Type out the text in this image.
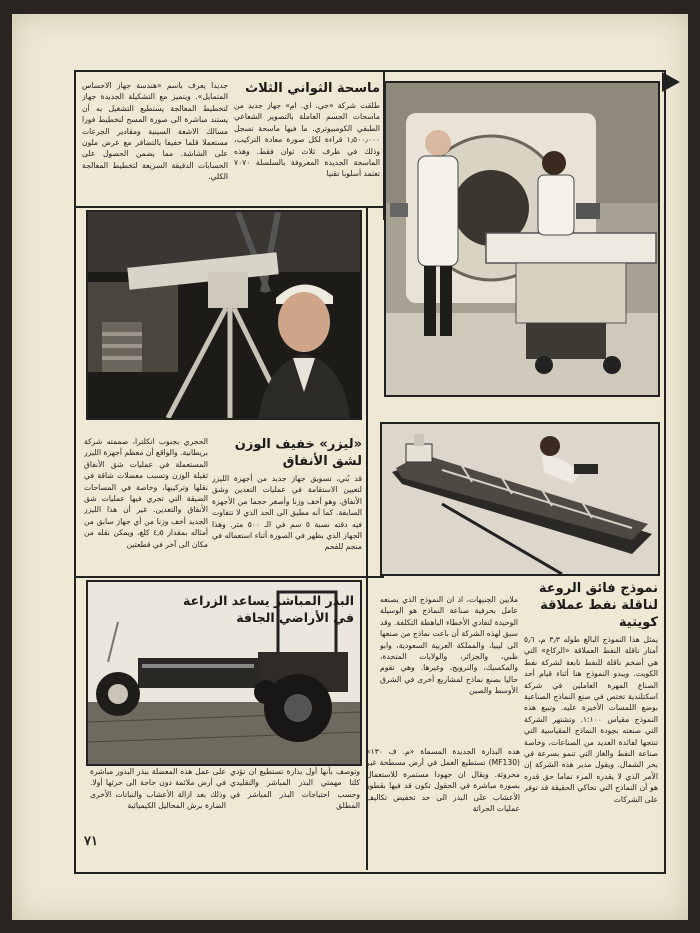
ماسحة الثواني الثلاث
طلقت شركة «جي. اي. ام» جهاز جديد من ماسحات الجسم العاملة بالتصوير الشعاعي الطبقي الكومبيوتري. ما فيها ماسحة تسجل ١٫٥٠٠٫٠٠٠ قراءة لكل صورة معادة التركيب، وذلك في ظرف ثلاث ثوان فقط. وهذه الماسحة الجديدة المعروفة بالسلسلة ٧٠٧٠ تعتمد أسلوبا تقنيا
جديدا يعرف باسم «هندسة جهاز الاحساس المتمايل». ويتميز مع التشكيلة الجديدة جهاز لتخطيط المعالجة يستطيع التشغيل به أن يستند مباشرة الى صورة المسح لتخطيط فورا مسالك الاشعة السينية ومقادير الجرعات مستعملا قلما خفيفا بالتضافر مع عرض ملون على الشاشة. مما يضمن الحصول على الحسابات الدقيقة السريعة لتخطيط المعالجة الكلي.
«ليزر» خفيف الوزن لشق الأنفاق
قد بُني، تسويق جهاز جديد من أجهزة الليزر لتعيين الاستقامة في عمليات التعدين وشق الأنفاق. وهو أخف وزنا وأصغر حجما من الأجهزة السابقة. كما أنه مطيق الى الحد الذي لا تتفاوت فيه دقته نسبة ٥ سم في الـ ٥٠٠ متر. وهذا الجهاز الذي يظهر في الصورة أثناء استعماله في منجم للفحم
الحجري بجنوب انكلترا، صممته شركة بريطانية. والواقع أن معظم أجهزة الليزر المستعملة في عمليات شق الأنفاق ثقيلة الوزن وتسبب معضلات شاقة في نقلها وتركيبها، وخاصة في المساحات الضيقة التي تجري فيها عمليات شق الأنفاق والتعدين. غير أن هذا الليزر الجديد أخف وزنا من أي جهاز سابق من أمثاله بمقدار ٤٫٥ كلغ، ويمكن نقله من مكان الى آخر في قطعتين
نموذج فائق الروعة لناقلة نفط عملاقة كويتية
يمثل هذا النموذج البالغ طوله ٣٫٣ م، ٥٫٦ أمتار ناقلة النفط العملاقة «الركاع» التي هي أضخم ناقلة للنفط تابعة لشركة نفط الكويت. ويبدو النموذج هنا أثناء قيام أحد الصناع المهرة العاملين في شركة اسكتلندية تختص في صنع النماذج الصناعية بوضع اللمسات الأخيرة عليه. وتبيع هذه النموذج مقياس ١:١٠٠. وتشتهر الشركة التي صنعته بجودة النماذج المقياسية التي تنتجها لفائدة العديد من الصناعات، وخاصة صناعة النفط والغاز التي تنمو بسرعة في بحر الشمال. ويقول مدير هذه الشركة إن الأمر الذي لا يقدره المرء تماما حق قدره هو أن النماذج التي تحاكي الحقيقة قد توفر على الشركات
ملايين الجنيهات، اذ ان النموذج الذي يصنعه عامل بحرفية صناعة النماذج هو الوسيلة الوحيدة لتفادي الأخطاء الباهظة التكلفة. وقد سبق لهذه الشركة أن باعت نماذج من صنعها الى ليبيا، والمملكة العربية السعودية، وابو ظبي، والجزائر، والولايات المتحدة، والمكسيك، والنرويج، وغيرها. وهي تقوم حاليا بصنع نماذج لمشاريع أخرى في الشرق الأوسط والصين
البذر المباشر يساعد الزراعة في الأراضي الجافة
هذه البذارة الجديدة المسماة «م. ف ١٣٠» (MF130) تستطيع العمل في أرض مسطحة غير محروثة. ويقال ان جهودا مستمرة للاستعمال بصورة مباشرة في الحقول تكون قد فيها بقطور الأعشاب على البذر الى حد تخفيض تكاليف عمليات الحراثة
وتوصف بأنها أول بذارة تستطيع ان تؤدي كلتا مهمتي البذر المباشر والتقليدي وحسب احتياجات البذر المباشر في المطلق
على عمل هذه المعضلة ببذر البذور مباشرة في أرض ملائمة دون حاجة الى حرثها أولا. وذلك بعد ازالة الأعشاب والنباتات الأخرى الضارة برش المحاليل الكيميائية
٧١
